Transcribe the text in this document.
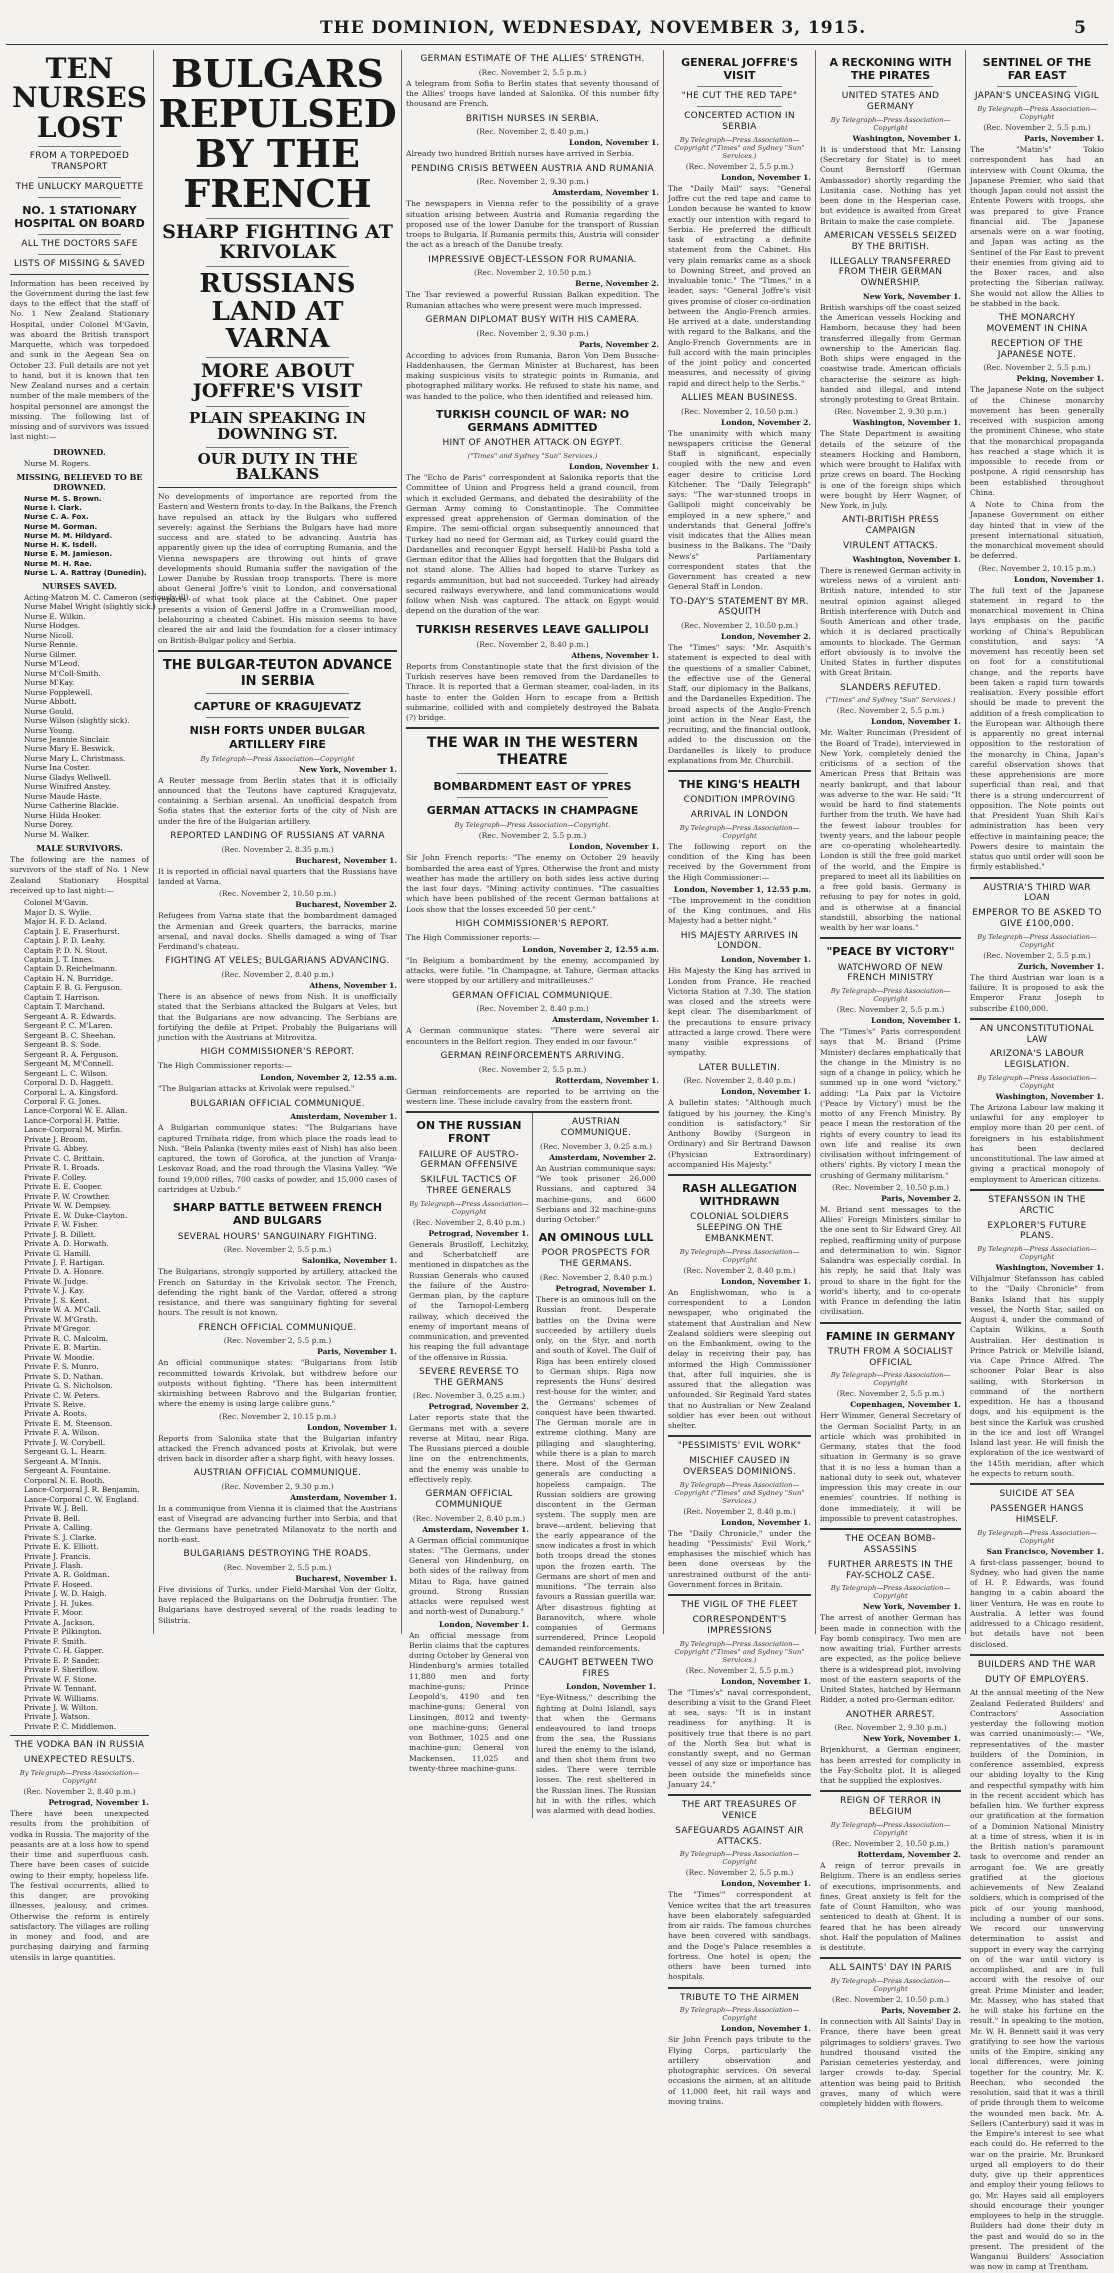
THE DOMINION, WEDNESDAY, NOVEMBER 3, 1915.	5
TEN NURSES LOST
FROM A TORPEDOED TRANSPORT
THE UNLUCKY MARQUETTE
NO. 1 STATIONARY HOSPITAL ON BOARD
ALL THE DOCTORS SAFE
LISTS OF MISSING & SAVED

Information has been received by the Government during the last few days to the effect that the staff of No. 1 New Zealand Stationary Hospital, under Colonel M'Gavin, was aboard the British transport Marquette, which was torpedoed and sunk in the Aegean Sea on October 23. Full details are not yet to hand, but it is known that ten New Zealand nurses and a certain number of the male members of the hospital personnel are amongst the missing. The following list of missing and of survivors was issued last night:—

DROWNED.
Nurse M. Rogers.
MISSING, BELIEVED TO BE DROWNED.
Nurse M. S. Brown.
Nurse I. Clark.
Nurse C. A. Fox.
Nurse M. Gorman.
Nurse M. M. Hildyard.
Nurse H. K. Isdell.
Nurse E. M. Jamieson.
Nurse M. H. Rae.
Nurse L. A. Rattray (Dunedin).
NURSES SAVED.
Acting-Matron M. C. Cameron (seriously ill).
Nurse Mabel Wright (slightly sick.)
Nurse E. Wilkin.
Nurse Hodges.
Nurse Nicoll.
Nurse Rennie.
Nurse Gilmer.
Nurse M'Leod.
Nurse M'Coll-Smith.
Nurse M'Kay.
Nurse Fopplewell.
Nurse Abbott.
Nurse Gould.
Nurse Wilson (slightly sick).
Nurse Young.
Nurse Jeannie Sinclair.
Nurse Mary E. Beswick.
Nurse Mary L. Christmass.
Nurse Ina Coster.
Nurse Gladys Wellwell.
Nurse Winifred Anstey.
Nurse Maude Haste.
Nurse Catherine Blackie.
Nurse Hilda Hooker.
Nurse Dorey.
Nurse M. Walker.
MALE SURVIVORS.

The following are the names of survivors of the staff of No. 1 New Zealand Stationary Hospital received up to last night:—

Colonel M'Gavin.
Major D. S. Wylie.
Major H. F. D. Acland.
Captain J. E. Fraserhurst.
Captain J. P. D. Leahy.
Captain P. D. N. Stout.
Captain J. T. Innes.
Captain D. Reichelmann.
Captain H. N. Burridge.
Captain F. B. G. Ferguson.
Captain T. Harrison.
Captain T. Marchand.
Sergeant A. R. Edwards.
Sergeant P. C. M'Laren.
Sergeant B. C. Sheehan.
Sergeant B. S. Sode.
Sergeant R. A. Ferguson.
Sergeant M. M'Connell.
Sergeant L. C. Wilson.
Corporal D. D. Haggett.
Corporal L. A. Kingsford.
Corporal F. G. Jones.
Lance-Corporal W. E. Allan.
Lance-Corporal H. Pattie.
Lance-Corporal M. Mirfin.
Private J. Broom.
Private G. Abbey.
Private C. C. Brittain.
Private R. I. Broads.
Private F. Colley.
Private E. E. Cooper.
Private F. W. Crowther.
Private W. W. Dempsey.
Private E. W. Duke-Clayton.
Private F. W. Fisher.
Private J. B. Dillett.
Private A. D. Horwath.
Private G. Hamill.
Private J. F. Hartigan.
Private D. A. Honore.
Private W. Judge.
Private V. J. Kay.
Private J. S. Kent.
Private W. A. M'Call.
Private W. M'Grath.
Private M'Gregor.
Private R. C. Malcolm.
Private E. B. Martin.
Private W. Moodie.
Private F. S. Munro.
Private S. D. Nathan.
Private G. S. Nicholson.
Private C. W. Peters.
Private S. Reive.
Private A. Roots.
Private E. M. Steenson.
Private F. A. Wilson.
Private J. W. Corybell.
Sergeant G. L. Hearn.
Sergeant A. M'Innis.
Sergeant A. Fountaine.
Corporal N. E. Booth.
Lance-Corporal J. R. Benjamin.
Lance-Corporal C. W. England.
Private W. J. Bell.
Private B. Bell.
Private A. Calling.
Private S. J. Clarke.
Private E. K. Elliott.
Private J. Francis.
Private J. Flash.
Private A. R. Goldman.
Private F. Hoseed.
Private J. W. D. Haigh.
Private J. H. Jukes.
Private F. Moor.
Private A. Jackson.
Private P. Pilkington.
Private F. Smith.
Private C. H. Gapper.
Private E. P. Sander.
Private F. Sheriflow.
Private W. F. Stone.
Private W. Tennant.
Private W. Williams.
Private J. W. Wilton.
Private J. Watson.
Private P. C. Middlemon.
THE VODKA BAN IN RUSSIA
UNEXPECTED RESULTS.
By Telegraph—Press Association—Copyright
(Rec. November 2, 8.40 p.m.)
Petrograd, November 1.

There have been unexpected results from the prohibition of vodka in Russia. The majority of the peasants are at a loss how to spend their time and superfluous cash. There have been cases of suicide owing to their empty, hopeless life. The festival occurrents, allied to this danger, are provoking illnesses, jealousy, and crimes. Otherwise the reform is entirely satisfactory. The villages are rolling in money and food, and are purchasing dairying and farming utensils in large quantities.

BULGARS REPULSED BY THE FRENCH
SHARP FIGHTING AT KRIVOLAK
RUSSIANS LAND AT VARNA
MORE ABOUT JOFFRE'S VISIT
PLAIN SPEAKING IN DOWNING ST.
OUR DUTY IN THE BALKANS

No developments of importance are reported from the Eastern and Western fronts to-day. In the Balkans, the French have repulsed an attack by the Bulgars who suffered severely; against the Serbians the Bulgars have had more success and are stated to be advancing. Austria has apparently given up the idea of corrupting Rumania, and the Vienna newspapers are throwing out hints of grave developments should Rumania suffer the navigation of the Lower Danube by Russian troop transports. There is more about General Joffre's visit to London, and conversational reports of what took place at the Cabinet. One paper presents a vision of General Joffre in a Cromwellian mood, belabouring a cheated Cabinet. His mission seems to have cleared the air and laid the foundation for a closer intimacy on British-Bulgar policy and Serbia.

THE BULGAR-TEUTON ADVANCE IN SERBIA
CAPTURE OF KRAGUJEVATZ
NISH FORTS UNDER BULGAR ARTILLERY FIRE
By Telegraph—Press Association—Copyright
New York, November 1.

A Reuter message from Berlin states that it is officially announced that the Teutons have captured Kragujevatz, containing a Serbian arsenal. An unofficial despatch from Sofia states that the exterior forts of the city of Nish are under the fire of the Bulgarian artillery.

REPORTED LANDING OF RUSSIANS AT VARNA
(Rec. November 2, 8.35 p.m.)
Bucharest, November 1.

It is reported in official naval quarters that the Russians have landed at Varna.

(Rec. November 2, 10.50 p.m.)
Bucharest, November 2.

Refugees from Varna state that the bombardment damaged the Armenian and Greek quarters, the barracks, marine arsenal, and naval docks. Shells damaged a wing of Tsar Ferdinand's chateau.

FIGHTING AT VELES; BULGARIANS ADVANCING.
(Rec. November 2, 8.40 p.m.)
Athens, November 1.

There is an absence of news from Nish. It is unofficially stated that the Serbians attacked the Bulgars at Veles, but that the Bulgarians are now advancing. The Serbians are fortifying the defile at Pripet. Probably the Bulgarians will junction with the Austrians at Mitrovitza.

HIGH COMMISSIONER'S REPORT.

The High Commissioner reports:—

London, November 2, 12.55 a.m.

"The Bulgarian attacks at Krivolak were repulsed."

BULGARIAN OFFICIAL COMMUNIQUE.
Amsterdam, November 1.

A Bulgarian communique states: "The Bulgarians have captured Trnibata ridge, from which place the roads lead to Nish. "Bela Palanka (twenty miles east of Nish) has also been captured, the town of Gorofica, at the junction of Vranja-Leskovaz Road, and the road through the Vlasina Valley. "We found 19,000 rifles, 700 casks of powder, and 15,000 cases of cartridges at Uzbub."

SHARP BATTLE BETWEEN FRENCH AND BULGARS
SEVERAL HOURS' SANGUINARY FIGHTING.
(Rec. November 2, 5.5 p.m.)
Salonika, November 1.

The Bulgarians, strongly supported by artillery, attacked the French on Saturday in the Krivolak sector. The French, defending the right bank of the Vardar, offered a strong resistance, and there was sanguinary fighting for several hours. The result is not known.

FRENCH OFFICIAL COMMUNIQUE.
(Rec. November 2, 5.5 p.m.)
Paris, November 1.

An official communique states: "Bulgarians from Istib recommitted towards Krivolak, but withdrew before our outposts without fighting. "There has been intermittent skirmishing between Rabrovo and the Bulgarian frontier, where the enemy is using large calibre guns."

(Rec. November 2, 10.15 p.m.)
London, November 1.

Reports from Salonika state that the Bulgarian infantry attacked the French advanced posts at Krivolak, but were driven back in disorder after a sharp fight, with heavy losses.

AUSTRIAN OFFICIAL COMMUNIQUE.
(Rec. November 2, 9.30 p.m.)
Amsterdam, November 1.

In a communique from Vienna it is claimed that the Austrians east of Visegrad are advancing further into Serbia, and that the Germans have penetrated Milanovatz to the north and north-east.

BULGARIANS DESTROYING THE ROADS.
(Rec. November 2, 5.5 p.m.)
Bucharest, November 1.

Five divisions of Turks, under Field-Marshal Von der Goltz, have replaced the Bulgarians on the Dobrudja frontier. The Bulgarians have destroyed several of the roads leading to Silistria.

GERMAN ESTIMATE OF THE ALLIES' STRENGTH.
(Rec. November 2, 5.5 p.m.)

A telegram from Sofia to Berlin states that seventy thousand of the Allies' troops have landed at Salonika. Of this number fifty thousand are French.

BRITISH NURSES IN SERBIA.
(Rec. November 2, 8.40 p.m.)
London, November 1.

Already two hundred British nurses have arrived in Serbia.

PENDING CRISIS BETWEEN AUSTRIA AND RUMANIA
(Rec. November 2, 9.30 p.m.)
Amsterdam, November 1.

The newspapers in Vienna refer to the possibility of a grave situation arising between Austria and Rumania regarding the proposed use of the lower Danube for the transport of Russian troops to Bulgaria. If Rumania permits this, Austria will consider the act as a breach of the Danube treaty.

IMPRESSIVE OBJECT-LESSON FOR RUMANIA.
(Rec. November 2, 10.50 p.m.)
Berne, November 2.

The Tsar reviewed a powerful Russian Balkan expedition. The Rumanian attaches who were present were much impressed.

GERMAN DIPLOMAT BUSY WITH HIS CAMERA.
(Rec. November 2, 9.30 p.m.)
Paris, November 2.

According to advices from Rumania, Baron Von Dem Bussche-Haddenhausen, the German Minister at Bucharest, has been making suspicious visits to strategic points in Rumania, and photographed military works. He refused to state his name, and was handed to the police, who then identified and released him.

TURKISH COUNCIL OF WAR: NO GERMANS ADMITTED
HINT OF ANOTHER ATTACK ON EGYPT.
("Times" and Sydney "Sun" Services.)
London, November 1.

The "Echo de Paris" correspondent at Salonika reports that the Committee of Union and Progress held a grand council, from which it excluded Germans, and debated the desirability of the German Army coming to Constantinople. The Committee expressed great apprehension of German domination of the Empire. The semi-official organ subsequently announced that Turkey had no need for German aid, as Turkey could guard the Dardanelles and reconquer Egypt herself. Halil-bi Pasha told a German editor that the Allies had forgotten that the Bulgars did not stand alone. The Allies had hoped to starve Turkey as regards ammunition, but had not succeeded. Turkey had already secured railways everywhere, and land communications would follow when Nish was captured. The attack on Egypt would depend on the duration of the war.

TURKISH RESERVES LEAVE GALLIPOLI
(Rec. November 2, 8.40 p.m.)
Athens, November 1.

Reports from Constantinople state that the first division of the Turkish reserves have been removed from the Dardanelles to Thrace. It is reported that a German steamer, coal-laden, in its haste to enter the Golden Horn to escape from a British submarine, collided with and completely destroyed the Babata (?) bridge.

THE WAR IN THE WESTERN THEATRE
BOMBARDMENT EAST OF YPRES
GERMAN ATTACKS IN CHAMPAGNE
By Telegraph—Press Association—Copyright.
(Rec. November 2, 5.5 p.m.)
London, November 1.

Sir John French reports: "The enemy on October 29 heavily bombarded the area east of Ypres. Otherwise the front and misty weather has made the artillery on both sides less active during the last four days. "Mining activity continues. "The casualties which have been published of the recent German battalions at Loos show that the losses exceeded 50 per cent."

HIGH COMMISSIONER'S REPORT.

The High Commissioner reports:—

London, November 2, 12.55 a.m.

"In Belgium a bombardment by the enemy, accompanied by attacks, were futile. "In Champagne, at Tahure, German attacks were stopped by our artillery and mitrailleuses."

GERMAN OFFICIAL COMMUNIQUE.
(Rec. November 2, 8.40 p.m.)
Amsterdam, November 1.

A German communique states: "There were several air encounters in the Belfort region. They ended in our favour."

GERMAN REINFORCEMENTS ARRIVING.
(Rec. November 2, 5.5 p.m.)
Rotterdam, November 1.

German reinforcements are reported to be arriving on the western line. These include cavalry from the eastern front.

ON THE RUSSIAN FRONT
FAILURE OF AUSTRO-GERMAN OFFENSIVE
SKILFUL TACTICS OF THREE GENERALS
By Telegraph—Press Association—Copyright
(Rec. November 2, 8.40 p.m.)
Petrograd, November 1.

Generals Brusiloff, Lechitzky, and Scherbatcheff are mentioned in dispatches as the Russian Generals who caused the failure of the Austro-German plan, by the capture of the Tarnopol-Lemberg railway, which deceived the enemy of important means of communication, and prevented his reaping the full advantage of the offensive in Russia.

SEVERE REVERSE TO THE GERMANS
(Rec. November 3, 0.25 a.m.)
Petrograd, November 2.

Later reports state that the Germans met with a severe reverse at Mitau, near Riga. The Russians pierced a double line on the entrenchments, and the enemy was unable to effectively reply.

GERMAN OFFICIAL COMMUNIQUE
(Rec. November 2, 8.40 p.m.)
Amsterdam, November 1.

A German official communique states: "The Germans, under General von Hindenburg, on both sides of the railway from Mitau to Riga, have gained ground. Strong Russian attacks were repulsed west and north-west of Dunaburg."

London, November 1.

An official message from Berlin claims that the captures during October by General von Hindenburg's armies totalled 11,880 men and forty machine-guns; Prince Leopold's, 4190 and ten machine-guns; General von Linsingen, 8012 and twenty-one machine-guns; General von Bothmer, 1025 and one machine-gun; General von Mackensen, 11,025 and twenty-three machine-guns.

AUSTRIAN COMMUNIQUE.
(Rec. November 3, 0.25 a.m.)
Amsterdam, November 2.

An Austrian communique says: "We took prisoner 26,000 Russians, and captured 34 machine-guns, and 6600 Serbians and 32 machine-guns during October."

AN OMINOUS LULL
POOR PROSPECTS FOR THE GERMANS.
(Rec. November 2, 8.40 p.m.)
Petrograd, November 1.

There is an ominous lull on the Russian front. Desperate battles on the Dvina were succeeded by artillery duels only, on the Styr, and north and south of Kovel. The Gulf of Riga has been entirely closed to German ships. Riga now represents the Huns' desired rest-house for the winter, and the Germans' schemes of conquest have been thwarted. The German morale are in extreme clothing. Many are pillaging and slaughtering, while there is a plan to march there. Most of the German generals are conducting a hopeless campaign. The Russian soldiers are growing discontent in the German system. The supply men are brave—ardent, believing that the early appearance of the snow indicates a frost in which both troops dread the stones upon the frozen earth. The Germans are short of men and munitions. "The terrain also favours a Russian guerilla war. After disastrous fighting at Baranovitch, where whole companies of Germans surrendered, Prince Leopold demanded reinforcements.

CAUGHT BETWEEN TWO FIRES
London, November 1.

"Eye-Witness," describing the fighting at Dolni Islandl, says that when the Germans endeavoured to land troops from the sea, the Russians lured the enemy to the island, and then shot them from two sides. There were terrible losses. The rest sheltered in the Russian lines. The Russian hit in with the rifles, which was alarmed with dead bodies.

GENERAL JOFFRE'S VISIT
"HE CUT THE RED TAPE"
CONCERTED ACTION IN SERBIA
By Telegraph—Press Association—Copyright ("Times" and Sydney "Sun" Services.)
(Rec. November 2, 5.5 p.m.)
London, November 1.

The "Daily Mail" says: "General Joffre cut the red tape and came to London because he wanted to know exactly our intention with regard to Serbia. He preferred the difficult task of extracting a definite statement from the Cabinet. His very plain remarks came as a shock to Downing Street, and proved an invaluable tonic." The "Times," in a leader, says: "General Joffre's visit gives promise of closer co-ordination between the Anglo-French armies. He arrived at a date, understanding with regard to the Balkans, and the Anglo-French Governments are in full accord with the main principles of the joint policy and concerted measures, and necessity of giving rapid and direct help to the Serbs."

ALLIES MEAN BUSINESS.
(Rec. November 2, 10.50 p.m.)
London, November 2.

The unanimity with which many newspapers criticise the General Staff is significant, especially coupled with the new and even eager desire to criticise Lord Kitchener. The "Daily Telegraph" says: "The war-stunned troops in Gallipoli might conceivably be employed in a new sphere," and understands that General Joffre's visit indicates that the Allies mean business in the Balkans. The "Daily News's" Parliamentary correspondent states that the Government has created a new General Staff in London.

TO-DAY'S STATEMENT BY MR. ASQUITH
(Rec. November 2, 10.50 p.m.)
London, November 2.

The "Times" says: "Mr. Asquith's statement is expected to deal with the questions of a smaller Cabinet, the effective use of the General Staff, our diplomacy in the Balkans, and the Dardanelles Expedition. The broad aspects of the Anglo-French joint action in the Near East, the recruiting, and the financial outlook, added to the discussion on the Dardanelles is likely to produce explanations from Mr. Churchill.

THE KING'S HEALTH
CONDITION IMPROVING
ARRIVAL IN LONDON
By Telegraph—Press Association—Copyright

The following report on the condition of the King has been received by the Government from the High Commissioner:—

London, November 1, 12.55 p.m.

"The improvement in the condition of the King continues, and His Majesty had a better night."

HIS MAJESTY ARRIVES IN LONDON.
London, November 1.

His Majesty the King has arrived in London from France. He reached Victoria Station at 7.30. The station was closed and the streets were kept clear. The disembarkment of the precautions to ensure privacy attracted a large crowd. There were many visible expressions of sympathy.

LATER BULLETIN.
(Rec. November 2, 8.40 p.m.)
London, November 1.

A bulletin states: "Although much fatigued by his journey, the King's condition is satisfactory." Sir Anthony Bowlby (Surgeon in Ordinary) and Sir Bertrand Dawson (Physician Extraordinary) accompanied His Majesty."

RASH ALLEGATION WITHDRAWN
COLONIAL SOLDIERS SLEEPING ON THE EMBANKMENT.
By Telegraph—Press Association—Copyright
(Rec. November 2, 8.40 p.m.)
London, November 1.

An Englishwoman, who is a correspondent to a London newspaper, who originated the statement that Australian and New Zealand soldiers were sleeping out on the Embankment, owing to the delay in receiving their pay, has informed the High Commissioner that, after full inquiries, she is assured that the allegation was unfounded. Sir Reginald Yard states that no Australian or New Zealand soldier has ever been out without shelter.

"PESSIMISTS' EVIL WORK"
MISCHIEF CAUSED IN OVERSEAS DOMINIONS.
By Telegraph—Press Association—Copyright ("Times" and Sydney "Sun" Services.)
(Rec. November 2, 8.40 p.m.)
London, November 1.

The "Daily Chronicle," under the heading "Pessimists' Evil Work," emphasises the mischief which has been done overseas by the unrestrained outburst of the anti-Government forces in Britain.

THE VIGIL OF THE FLEET
CORRESPONDENT'S IMPRESSIONS
By Telegraph—Press Association—Copyright ("Times" and Sydney "Sun" Services.)
(Rec. November 2, 5.5 p.m.)
London, November 1.

The "Times's" naval correspondent, describing a visit to the Grand Fleet at sea, says: "It is in instant readiness for anything. It is positively true that there is no part of the North Sea but what is constantly swept, and no German vessel of any size or importance has been outside the minefields since January 24."

THE ART TREASURES OF VENICE
SAFEGUARDS AGAINST AIR ATTACKS.
By Telegraph—Press Association—Copyright
(Rec. November 2, 5.5 p.m.)
London, November 1.

The "Times'" correspondent at Venice writes that the art treasures have been elaborately safeguarded from air raids. The famous churches have been covered with sandbags, and the Doge's Palace resembles a fortress. One hotel is open; the others have been turned into hospitals.

TRIBUTE TO THE AIRMEN
By Telegraph—Press Association—Copyright
London, November 1.

Sir John French pays tribute to the Flying Corps, particularly the artillery observation and photographic services. On several occasions the airmen, at an altitude of 11,000 feet, hit rail ways and moving trains.

A RECKONING WITH THE PIRATES
UNITED STATES AND GERMANY
By Telegraph—Press Association—Copyright
Washington, November 1.

It is understood that Mr. Lansing (Secretary for State) is to meet Count Bernstorff (German Ambassador) shortly regarding the Lusitania case. Nothing has yet been done in the Hesperian case, but evidence is awaited from Great Britain to make the case complete.

AMERICAN VESSELS SEIZED BY THE BRITISH.
ILLEGALLY TRANSFERRED FROM THEIR GERMAN OWNERSHIP.
New York, November 1.

British warships off the coast seized the American vessels Hocking and Hamborn, because they had been transferred illegally from German ownership to the American flag. Both ships were engaged in the coastwise trade. American officials characterise the seizure as high-handed and illegal, and intend strongly protesting to Great Britain.

(Rec. November 2, 9.30 p.m.)
Washington, November 1.

The State Department is awaiting details of the seizure of the steamers Hocking and Hamborn, which were brought to Halifax with prize crews on board. The Hocking is one of the foreign ships which were bought by Herr Wagner, of New York, in July.

ANTI-BRITISH PRESS CAMPAIGN
VIRULENT ATTACKS.
Washington, November 1.

There is renewed German activity in wireless news of a virulent anti-British nature, intended to stir neutral opinion against alleged British interference with Dutch and South American and other trade, which it is declared practically amounts to blockade. The German effort obviously is to involve the United States in further disputes with Great Britain.

SLANDERS REFUTED.
("Times" and Sydney "Sun" Services.)
(Rec. November 2, 5.5 p.m.)
London, November 1.

Mr. Walter Runciman (President of the Board of Trade), interviewed in New York, completely denied the criticisms of a section of the American Press that Britain was nearly bankrupt, and that labour was adverse to the war. He said: "It would be hard to find statements further from the truth. We have had the fewest labour troubles for twenty years, and the labour people are co-operating wholeheartedly. London is still the free gold market of the world, and the Empire is prepared to meet all its liabilities on a free gold basis. Germany is refusing to pay for notes in gold, and is otherwise at a financial standstill, absorbing the national wealth by her war loans."

"PEACE BY VICTORY"
WATCHWORD OF NEW FRENCH MINISTRY
By Telegraph—Press Association—Copyright
(Rec. November 2, 5.5 p.m.)
London, November 1.

The "Times's" Paris correspondent says that M. Briand (Prime Minister) declares emphatically that the change in the Ministry is no sign of a change in policy, which he summed up in one word "victory," adding: "La Paix par la Victoire ('Peace by Victory') must be the motto of any French Ministry. By peace I mean the restoration of the rights of every country to lead its own life and realise its own civilisation without infringement of others' rights. By victory I mean the crushing of Germany militarism."

(Rec. November 2, 10.50 p.m.)
Paris, November 2.

M. Briand sent messages to the Allies' Foreign Ministers similar to the one sent to Sir Edward Grey. All replied, reaffirming unity of purpose and determination to win. Signor Salandra was especially cordial. In his reply, he said that Italy was proud to share in the fight for the world's liberty, and to co-operate with France in defending the latin civilisation.

FAMINE IN GERMANY
TRUTH FROM A SOCIALIST OFFICIAL
By Telegraph—Press Association—Copyright
(Rec. November 2, 5.5 p.m.)
Copenhagen, November 1.

Herr Wimmer, General Secretary of the German Socialist Party, in an article which was prohibited in Germany, states that the food situation in Germany is so grave that it is no less a human than a national duty to seek out, whatever impression this may create in our enemies' countries. If nothing is done immediately, it will be impossible to prevent catastrophes.

THE OCEAN BOMB-ASSASSINS
FURTHER ARRESTS IN THE FAY-SCHOLZ CASE.
By Telegraph—Press Association—Copyright
New York, November 1.

The arrest of another German has been made in connection with the Fay bomb conspiracy. Two men are now awaiting trial. Further arrests are expected, as the police believe there is a widespread plot, involving most of the eastern seaports of the United States, hatched by Hermann Ridder, a noted pro-German editor.

ANOTHER ARREST.
(Rec. November 2, 9.30 p.m.)
New York, November 1.

Brjenkhurst, a German engineer, has been arrested for complicity in the Fay-Scholtz plot. It is alleged that he supplied the explosives.

REIGN OF TERROR IN BELGIUM
By Telegraph—Press Association—Copyright
(Rec. November 2, 10.50 p.m.)
Rotterdam, November 2.

A reign of terror prevails in Belgium. There is an endless series of executions, imprisonments, and fines. Great anxiety is felt for the fate of Count Hamilton, who was sentenced to death at Ghent. It is feared that he has been already shot. Half the population of Malines is destitute.

ALL SAINTS' DAY IN PARIS
By Telegraph—Press Association—Copyright
(Rec. November 2, 10.50 p.m.)
Paris, November 2.

In connection with All Saints' Day in France, there have been great pilgrimages to soldiers' graves. Two hundred thousand visited the Parisian cemeteries yesterday, and larger crowds to-day. Special attention was being paid to British graves, many of which were completely hidden with flowers.

SENTINEL OF THE FAR EAST
JAPAN'S UNCEASING VIGIL
By Telegraph—Press Association—Copyright
(Rec. November 2, 5.5 p.m.)
Paris, November 1.

The "Matin's" Tokio correspondent has had an interview with Count Okuma, the Japanese Premier, who said that though Japan could not assist the Entente Powers with troops, she was prepared to give France financial aid. The Japanese arsenals were on a war footing, and Japan was acting as the Sentinel of the Far East to prevent their enemies from giving aid to the Boxer races, and also protecting the Siberian railway. She would not allow the Allies to be stabbed in the back.

THE MONARCHY MOVEMENT IN CHINA
RECEPTION OF THE JAPANESE NOTE.
(Rec. November 2, 5.5 p.m.)
Peking, November 1.

The Japanese Note on the subject of the Chinese monarchy movement has been generally received with suspicion among the prominent Chinese, who state that the monarchical propaganda has reached a stage which it is impossible to recede from or postpone. A rigid censorship has been established throughout China.

A Note to China from the Japanese Government on either day hinted that in view of the present international situation, the monarchical movement should be deferred.

(Rec. November 2, 10.15 p.m.)
London, November 1.

The full text of the Japanese statement in regard to the monarchical movement in China lays emphasis on the pacific working of China's Republican constitution, and says: "A movement has recently been set on foot for a constitutional change, and the reports have been taken a rapid turn towards realisation. Every possible effort should be made to prevent the addition of a fresh complication to the European war. Although there is apparently no great internal opposition to the restoration of the monarchy in China, Japan's careful observation shows that these apprehensions are more superficial than real, and that there is a strong undercurrent of opposition. The Note points out that President Yuan Shih Kai's administration has been very effective in maintaining peace; the Powers desire to maintain the status quo until order will soon be firmly established."

AUSTRIA'S THIRD WAR LOAN
EMPEROR TO BE ASKED TO GIVE £100,000.
By Telegraph—Press Association—Copyright
(Rec. November 2, 5.5 p.m.)
Zurich, November 1.

The third Austrian war loan is a failure. It is proposed to ask the Emperor Franz Joseph to subscribe £100,000.

AN UNCONSTITUTIONAL LAW
ARIZONA'S LABOUR LEGISLATION.
By Telegraph—Press Association—Copyright
Washington, November 1.

The Arizona Labour law making it unlawful for any employer to employ more than 20 per cent. of foreigners in his establishment has been declared unconstitutional. The law aimed at giving a practical monopoly of employment to American citizens.

STEFANSSON IN THE ARCTIC
EXPLORER'S FUTURE PLANS.
By Telegraph—Press Association—Copyright
Washington, November 1.

Vilhjalmur Stefansson has cabled to the "Daily Chronicle" from Banks Island that his supply vessel, the North Star, sailed on August 4, under the command of Captain Wilkins, a South Australian. Her destination is Prince Patrick or Melville Island, via Cape Prince Alfred. The schooner Polar Bear is also sailing, with Storkerson in command of the northern expedition. He has a thousand dogs, and his equipment is the best since the Karluk was crushed in the ice and lost off Wrangel Island last year. He will finish the exploration of the ice westward of the 145th meridian, after which he expects to return south.

SUICIDE AT SEA
PASSENGER HANGS HIMSELF.
By Telegraph—Press Association—Copyright
San Francisco, November 1.

A first-class passenger, bound to Sydney, who had given the name of H. P. Edwards, was found hanging in a cabin aboard the liner Ventura. He was en route to Australia. A letter was found addressed to a Chicago resident, but details have not been disclosed.

BUILDERS AND THE WAR
DUTY OF EMPLOYERS.

At the annual meeting of the New Zealand Federated Builders' and Contractors' Association yesterday the following motion was carried unanimously:— "We, representatives of the master builders of the Dominion, in conference assembled, express our abiding loyalty to the King and respectful sympathy with him in the recent accident which has befallen him. We further express our gratification at the formation of a Dominion National Ministry at a time of stress, when it is in the British nation's paramount task to overcome and render an arrogant foe. We are greatly gratified at the glorious achievements of New Zealand soldiers, which is comprised of the pick of our young manhood, including a number of our sons. We record our unswerving determination to assist and support in every way the carrying on of the war until victory is accomplished, and are in full accord with the resolve of our great Prime Minister and leader, Mr. Massey, who has stated that he will stake his fortune on the result." In speaking to the motion, Mr. W. H. Bennett said it was very gratifying to see how the various units of the Empire, sinking any local differences, were joining together for the country. Mr. K. Beechan, who seconded the resolution, said that it was a thrill of pride through them to welcome the wounded men back. Mr. A. Sellers (Canterbury) said it was in the Empire's interest to see what each could do. He referred to the war on the prairie. Mr. Brunkard urged all employers to do their duty, give up their apprentices and employ their young fellows to go. Mr. Hayes said all employers should encourage their younger employees to help in the struggle. Builders had done their duty in the past and would do so in the present. The president of the Wanganui Builders' Association was now in camp at Trentham.
